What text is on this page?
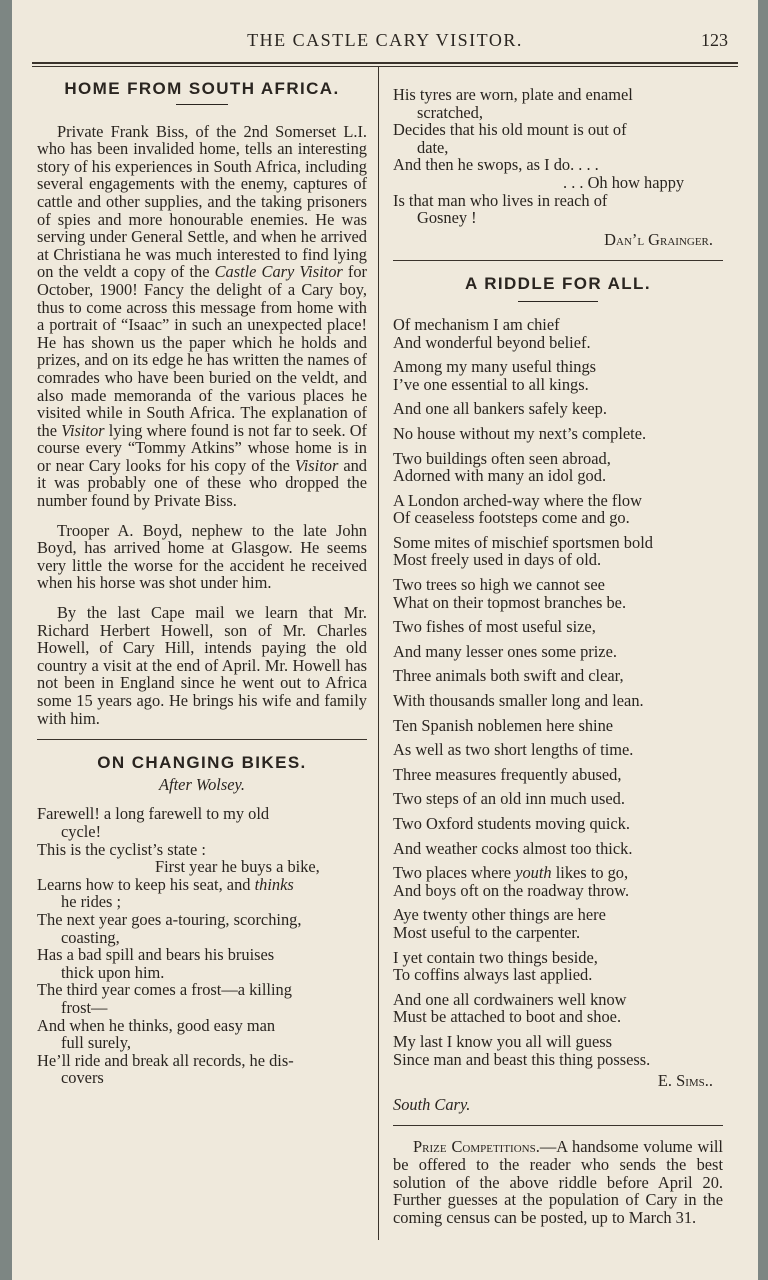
THE CASTLE CARY VISITOR.	123
HOME FROM SOUTH AFRICA.

Private Frank Biss, of the 2nd Somerset L.I. who has been invalided home, tells an interesting story of his experiences in South Africa, including several engagements with the enemy, captures of cattle and other supplies, and the taking prisoners of spies and more honourable enemies. He was serving under General Settle, and when he arrived at Christiana he was much interested to find lying on the veldt a copy of the Castle Cary Visitor for October, 1900! Fancy the delight of a Cary boy, thus to come across this message from home with a portrait of “Isaac” in such an unexpected place! He has shown us the paper which he holds and prizes, and on its edge he has written the names of comrades who have been buried on the veldt, and also made memoranda of the various places he visited while in South Africa. The explanation of the Visitor lying where found is not far to seek. Of course every “Tommy Atkins” whose home is in or near Cary looks for his copy of the Visitor and it was probably one of these who dropped the number found by Private Biss.

Trooper A. Boyd, nephew to the late John Boyd, has arrived home at Glasgow. He seems very little the worse for the accident he received when his horse was shot under him.

By the last Cape mail we learn that Mr. Richard Herbert Howell, son of Mr. Charles Howell, of Cary Hill, intends paying the old country a visit at the end of April. Mr. Howell has not been in England since he went out to Africa some 15 years ago. He brings his wife and family with him.

ON CHANGING BIKES.
After Wolsey.
Farewell! a long farewell to my old
cycle!
This is the cyclist’s state :
First year he buys a bike,
Learns how to keep his seat, and thinks
he rides ;
The next year goes a-touring, scorching,
coasting,
Has a bad spill and bears his bruises
thick upon him.
The third year comes a frost—a killing
frost—
And when he thinks, good easy man
full surely,
He’ll ride and break all records, he dis-
covers
His tyres are worn, plate and enamel
scratched,
Decides that his old mount is out of
date,
And then he swops, as I do. . . .
. . . Oh how happy
Is that man who lives in reach of
Gosney !
Dan’l Grainger.
A RIDDLE FOR ALL.
Of mechanism I am chief
And wonderful beyond belief.
Among my many useful things
I’ve one essential to all kings.
And one all bankers safely keep.
No house without my next’s complete.
Two buildings often seen abroad,
Adorned with many an idol god.
A London arched-way where the flow
Of ceaseless footsteps come and go.
Some mites of mischief sportsmen bold
Most freely used in days of old.
Two trees so high we cannot see
What on their topmost branches be.
Two fishes of most useful size,
And many lesser ones some prize.
Three animals both swift and clear,
With thousands smaller long and lean.
Ten Spanish noblemen here shine
As well as two short lengths of time.
Three measures frequently abused,
Two steps of an old inn much used.
Two Oxford students moving quick.
And weather cocks almost too thick.
Two places where youth likes to go,
And boys oft on the roadway throw.
Aye twenty other things are here
Most useful to the carpenter.
I yet contain two things beside,
To coffins always last applied.
And one all cordwainers well know
Must be attached to boot and shoe.
My last I know you all will guess
Since man and beast this thing possess.
E. Sims..
South Cary.

Prize Competitions.—A handsome volume will be offered to the reader who sends the best solution of the above riddle before April 20. Further guesses at the population of Cary in the coming census can be posted, up to March 31.
